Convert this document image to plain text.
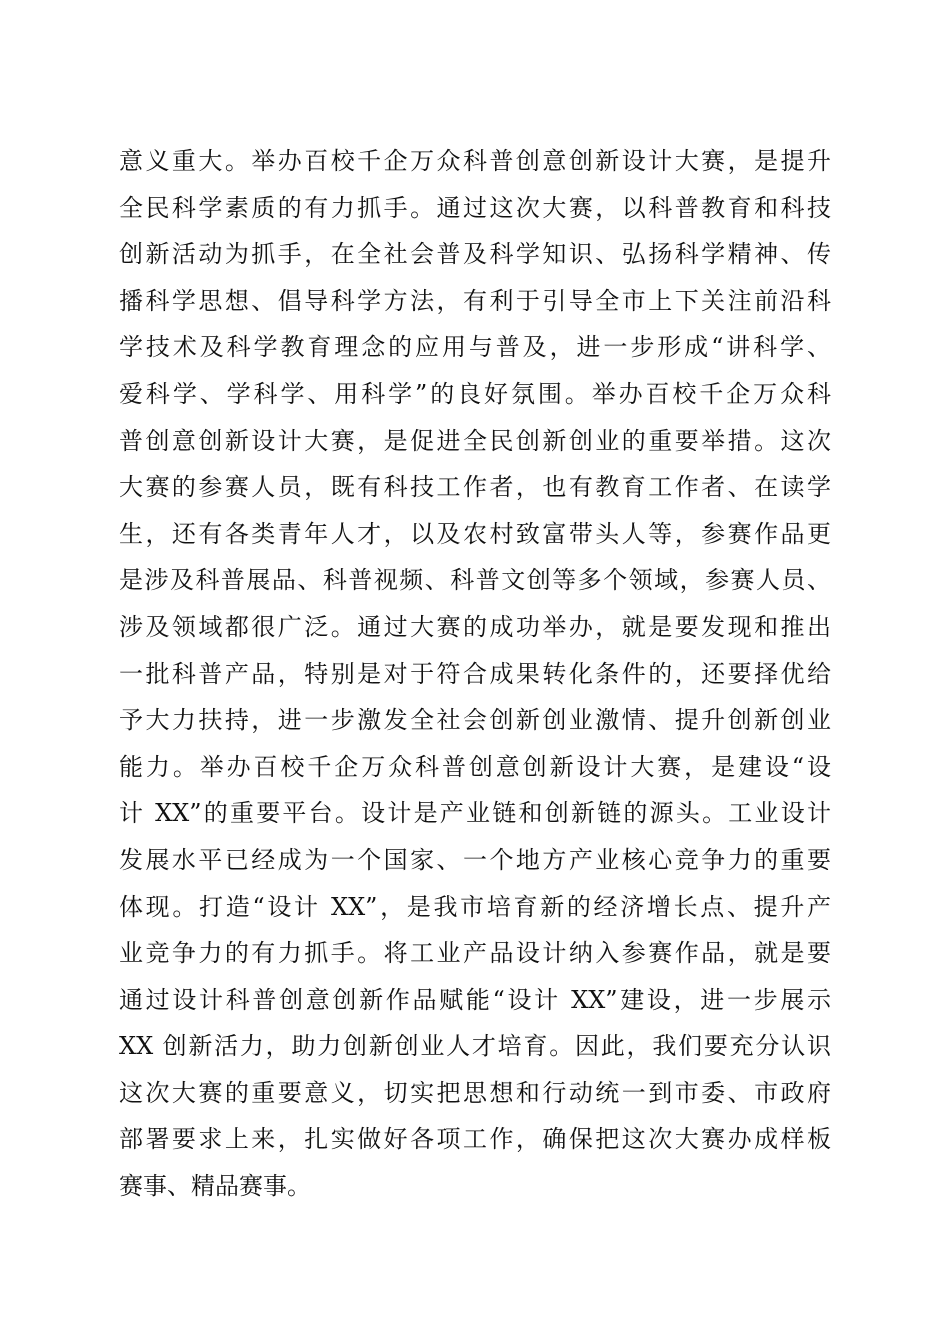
意义重大。举办百校千企万众科普创意创新设计大赛，是提升
全民科学素质的有力抓手。通过这次大赛，以科普教育和科技
创新活动为抓手，在全社会普及科学知识、弘扬科学精神、传
播科学思想、倡导科学方法，有利于引导全市上下关注前沿科
学技术及科学教育理念的应用与普及，进一步形成“讲科学、
爱科学、学科学、用科学”的良好氛围。举办百校千企万众科
普创意创新设计大赛，是促进全民创新创业的重要举措。这次
大赛的参赛人员，既有科技工作者，也有教育工作者、在读学
生，还有各类青年人才，以及农村致富带头人等，参赛作品更
是涉及科普展品、科普视频、科普文创等多个领域，参赛人员、
涉及领域都很广泛。通过大赛的成功举办，就是要发现和推出
一批科普产品，特别是对于符合成果转化条件的，还要择优给
予大力扶持，进一步激发全社会创新创业激情、提升创新创业
能力。举办百校千企万众科普创意创新设计大赛，是建设“设
计 XX”的重要平台。设计是产业链和创新链的源头。工业设计
发展水平已经成为一个国家、一个地方产业核心竞争力的重要
体现。打造“设计 XX”，是我市培育新的经济增长点、提升产
业竞争力的有力抓手。将工业产品设计纳入参赛作品，就是要
通过设计科普创意创新作品赋能“设计 XX”建设，进一步展示
XX 创新活力，助力创新创业人才培育。因此，我们要充分认识
这次大赛的重要意义，切实把思想和行动统一到市委、市政府
部署要求上来，扎实做好各项工作，确保把这次大赛办成样板
赛事、精品赛事。
